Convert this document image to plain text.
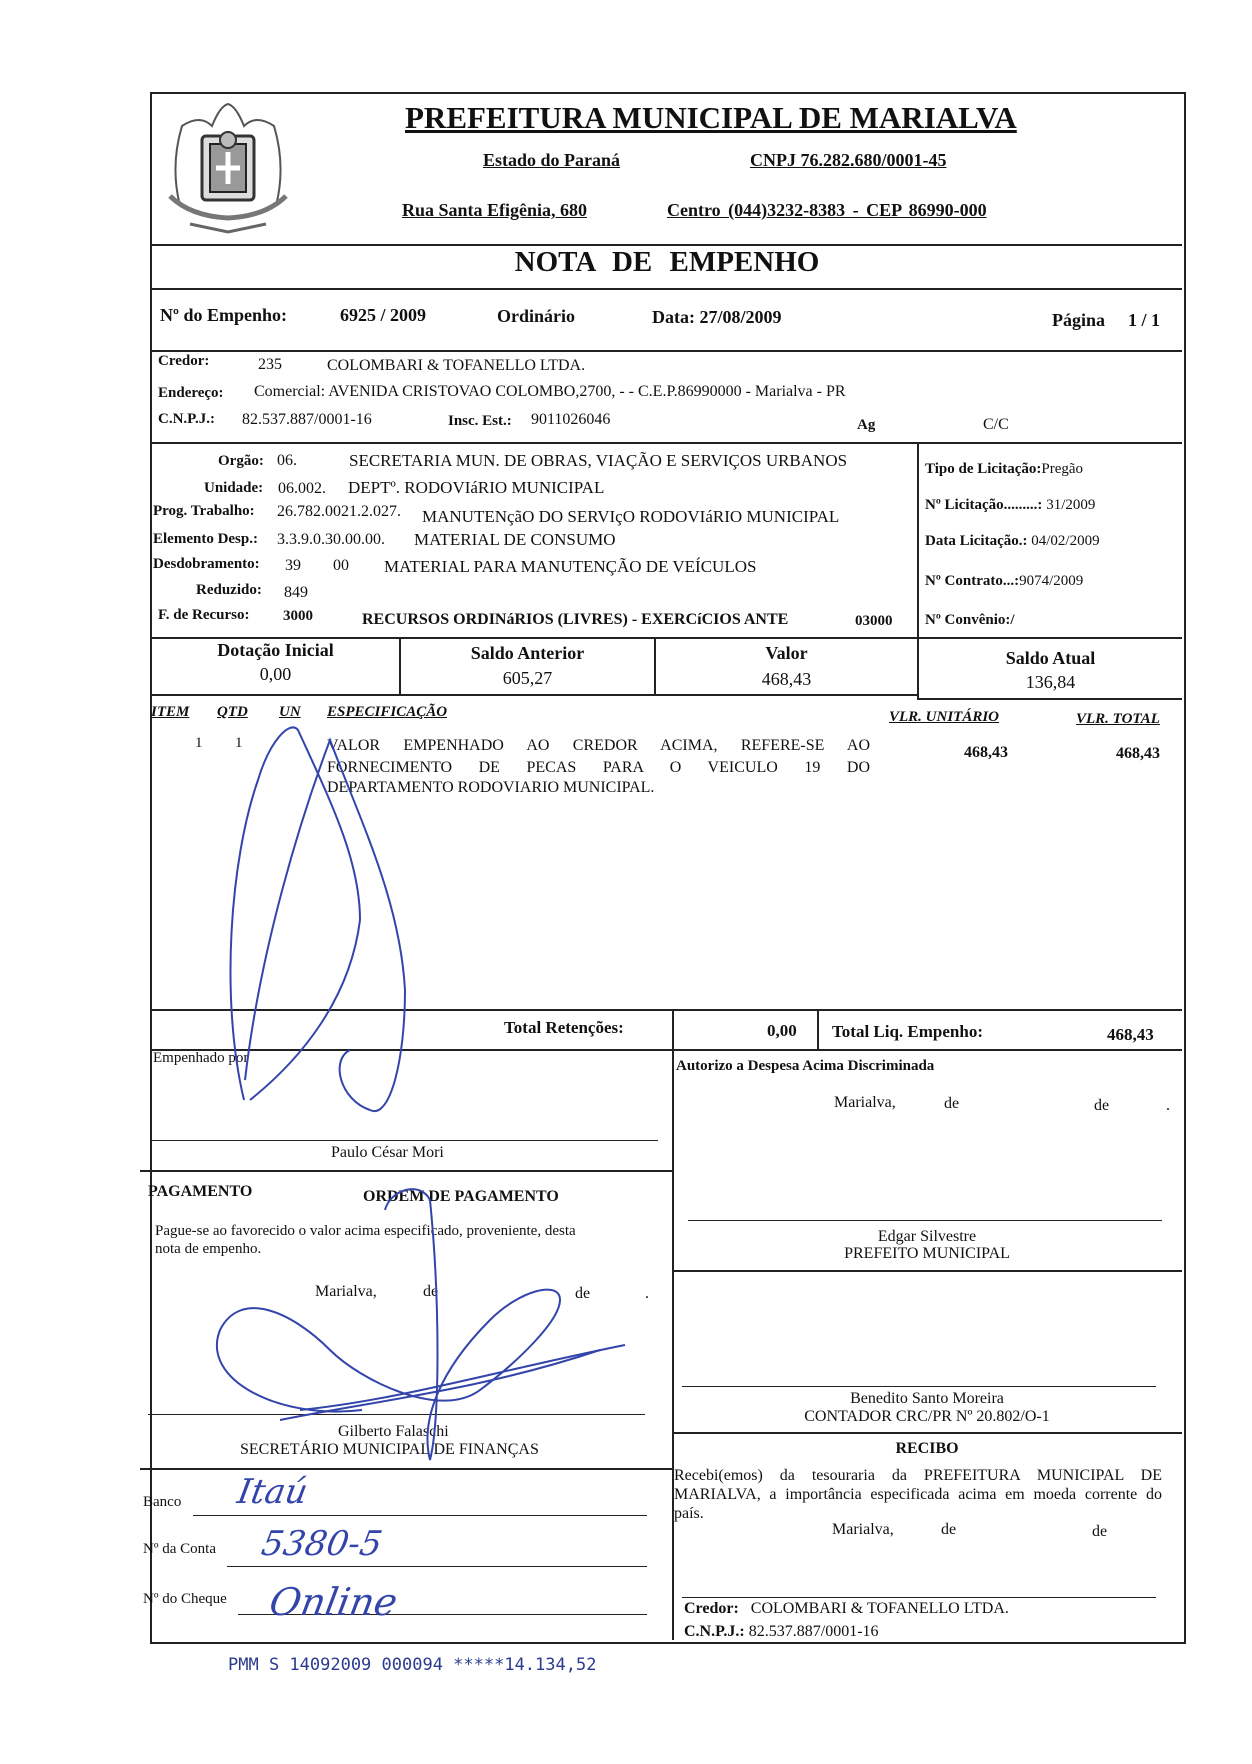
PREFEITURA MUNICIPAL DE MARIALVA
Estado do Paraná	CNPJ 76.282.680/0001-45
Rua Santa Efigênia, 680	Centro (044)3232-8383 - CEP 86990-000
NOTA DE EMPENHO
Nº do Empenho:	6925 / 2009	Ordinário	Data: 27/08/2009	Página 1 / 1
Credor:	235	COLOMBARI & TOFANELLO LTDA.
Endereço: Comercial: AVENIDA CRISTOVAO COLOMBO,2700, - - C.E.P.86990000 - Marialva - PR
C.N.P.J.: 82.537.887/0001-16	Insc. Est.: 9011026046	Ag	C/C
Orgão: 06.	SECRETARIA MUN. DE OBRAS, VIAÇÃO E SERVIÇOS URBANOS
Unidade: 06.002. DEPTº. RODOVIáRIO MUNICIPAL
Prog. Trabalho: 26.782.0021.2.027. MANUTENçãO DO SERVIçO RODOVIáRIO MUNICIPAL
Elemento Desp.: 3.3.9.0.30.00.00. MATERIAL DE CONSUMO
Desdobramento: 39 00 MATERIAL PARA MANUTENÇÃO DE VEÍCULOS
Reduzido: 849
F. de Recurso: 3000	RECURSOS ORDINáRIOS (LIVRES) - EXERCíCIOS ANTE	03000
Tipo de Licitação:Pregão
Nº Licitação.........: 31/2009
Data Licitação.: 04/02/2009
Nº Contrato...:9074/2009
Nº Convênio:/
Dotação Inicial
0,00
Saldo Anterior
605,27
Valor
468,43
Saldo Atual
136,84
ITEM QTD UN ESPECIFICAÇÃO	VLR. UNITÁRIO	VLR. TOTAL
1 1	VALOR EMPENHADO AO CREDOR ACIMA, REFERE-SE AO
FORNECIMENTO DE PECAS PARA O VEICULO 19 DO
DEPARTAMENTO RODOVIARIO MUNICIPAL.
468,43	468,43
Total Retenções:	0,00 Total Liq. Empenho:	468,43
Empenhado por
Paulo César Mori
PAGAMENTO	ORDEM DE PAGAMENTO
Pague-se ao favorecido o valor acima especificado, proveniente, desta
nota de empenho.
Marialva,	de	de	.
Gilberto Falaschi
SECRETÁRIO MUNICIPAL DE FINANÇAS
Banco
Nº da Conta
Nº do Cheque
Autorizo a Despesa Acima Discriminada
Marialva,	de	de	.
Edgar Silvestre
PREFEITO MUNICIPAL
Benedito Santo Moreira
CONTADOR CRC/PR Nº 20.802/O-1
RECIBO
Recebi(emos) da tesouraria da PREFEITURA MUNICIPAL DE
MARIALVA, a importância especificada acima em moeda corrente do
país.
Marialva,	de	de
Credor: COLOMBARI & TOFANELLO LTDA.
C.N.P.J.: 82.537.887/0001-16
PMM S 14092009 000094 *****14.134,52
Itaú
5380-5
Online
